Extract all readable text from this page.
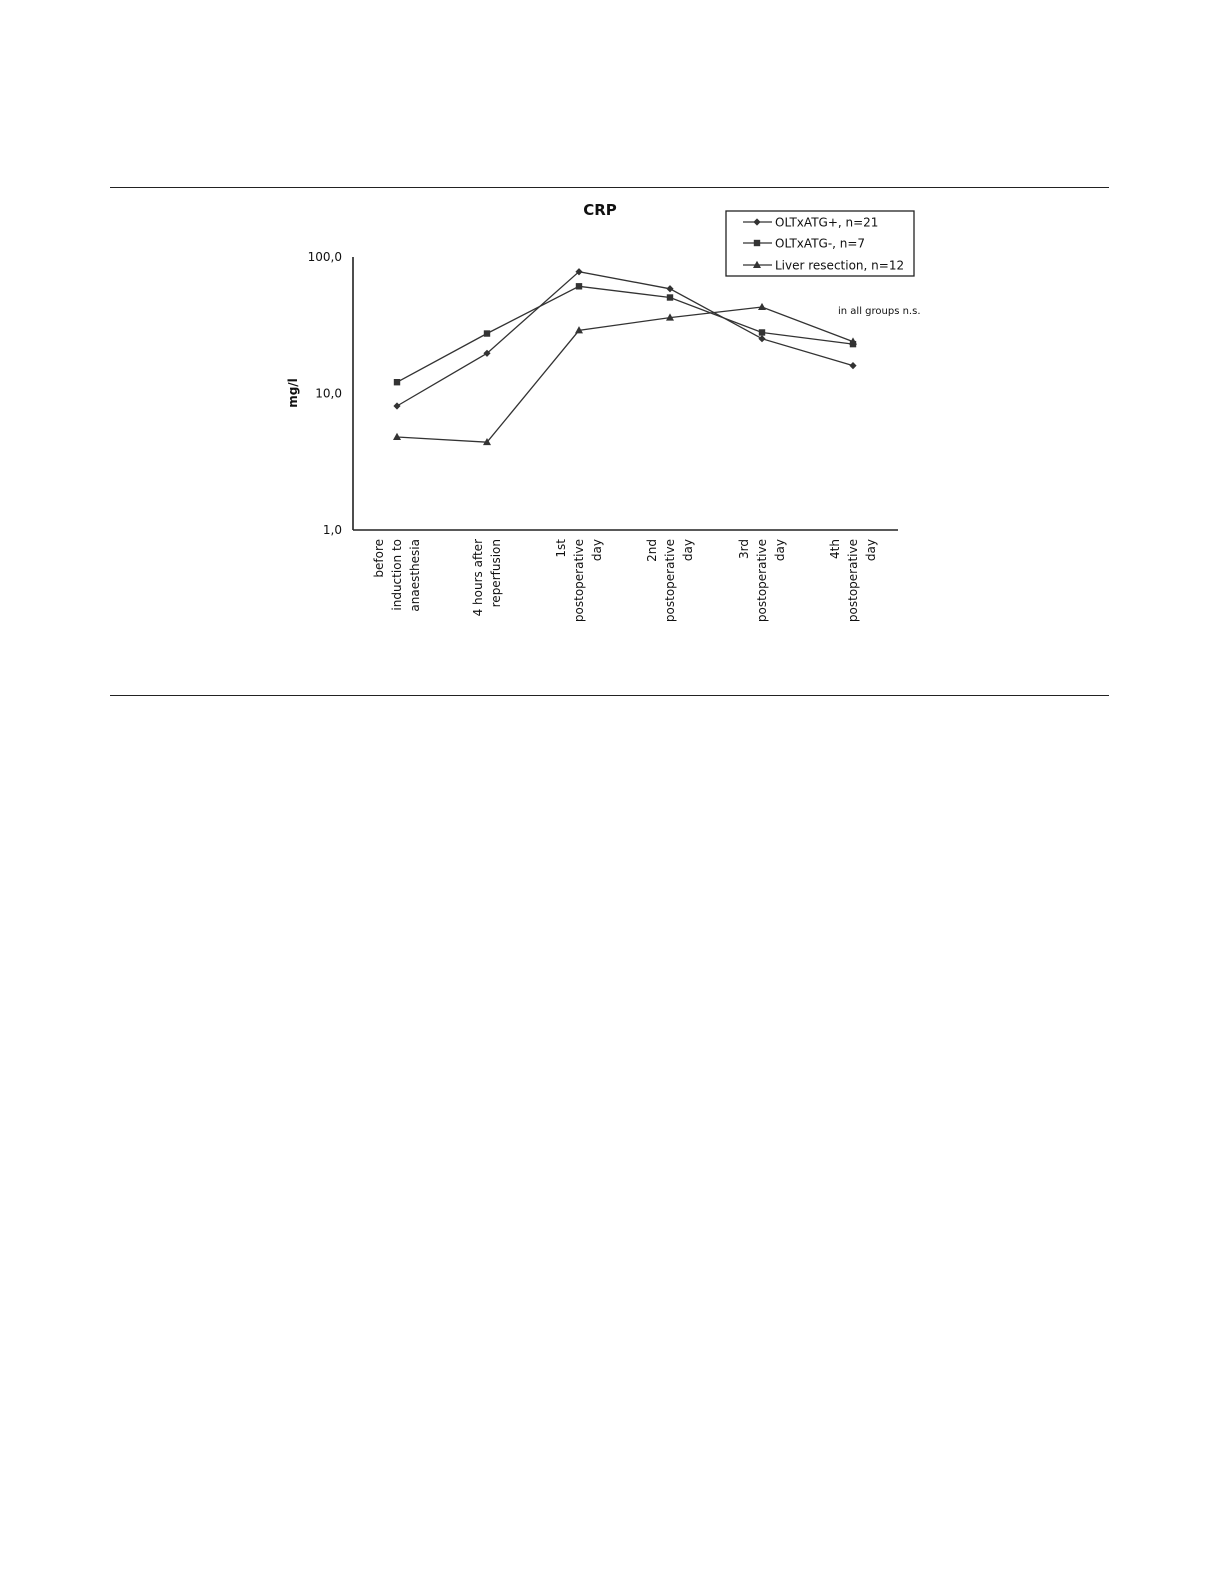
CRP
mg/l
in all groups n.s.
1,0
10,0
100,0
before induction to anaesthesia	4 hours after reperfusion	1st postoperative day	2nd postoperative day	3rd postoperative day	4th postoperative day
OLTxATG+, n=21
OLTxATG-, n=7
Liver resection, n=12
